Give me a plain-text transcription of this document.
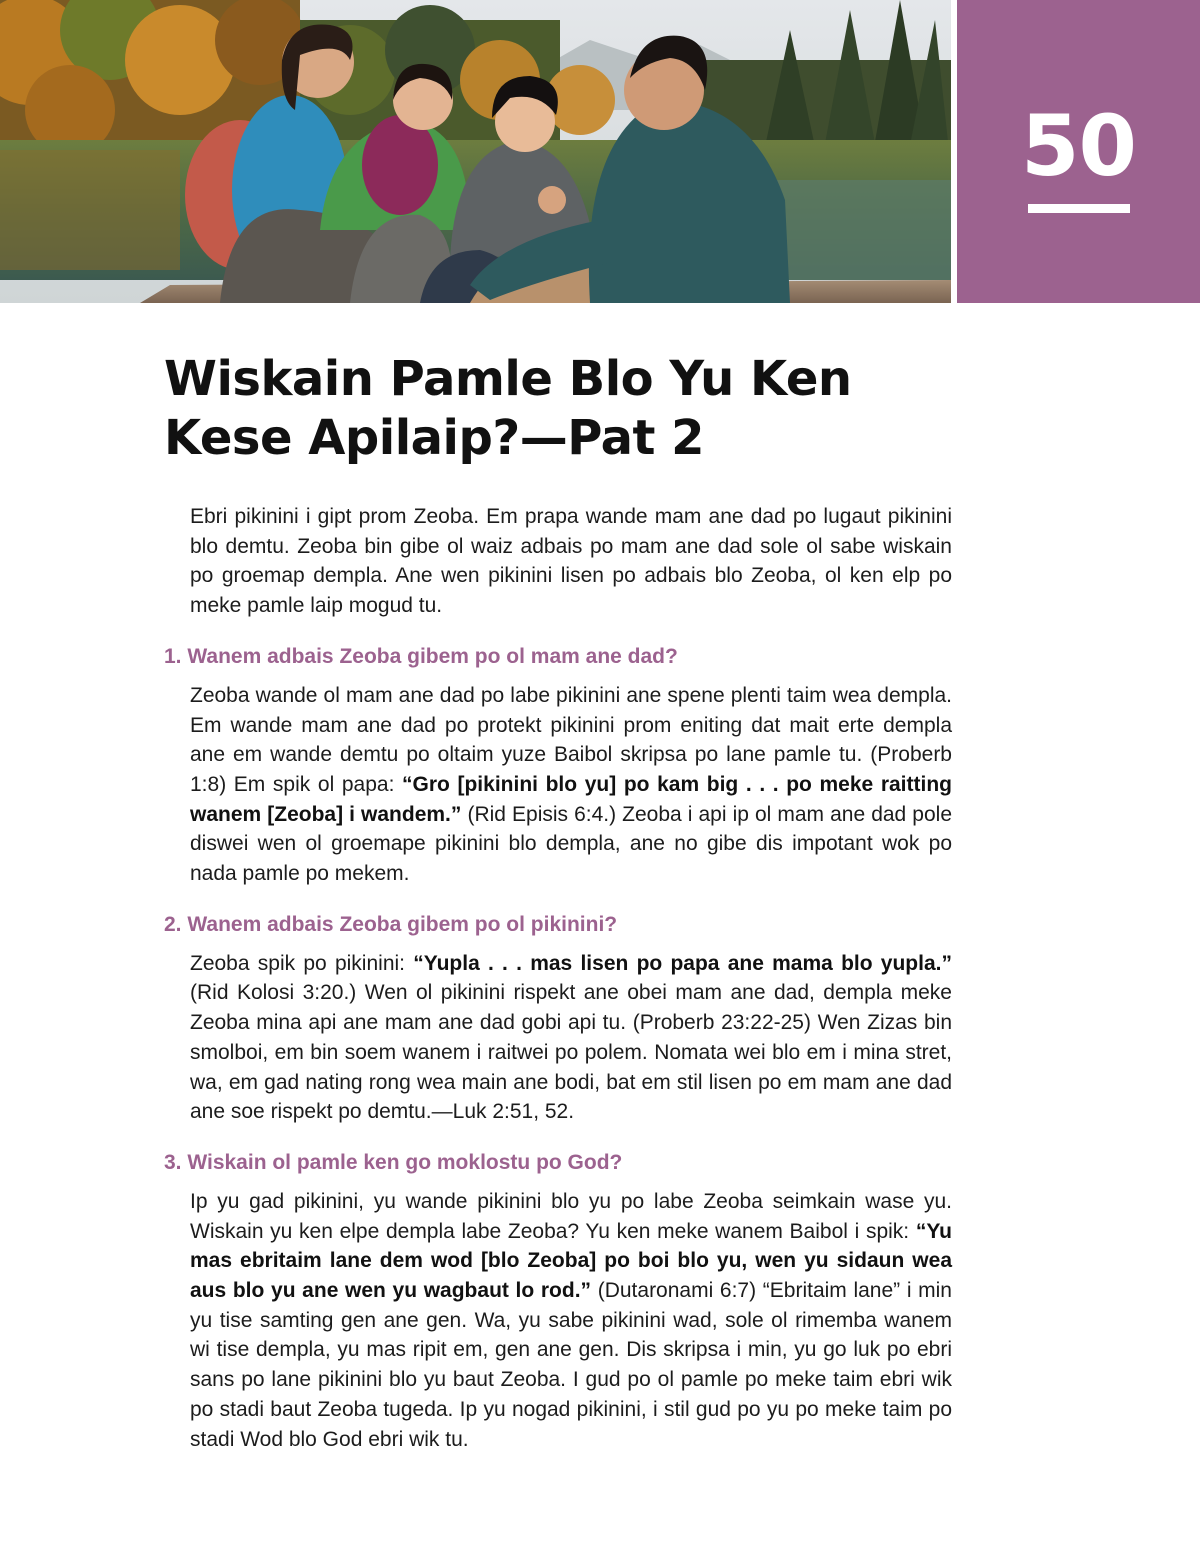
50
Wiskain Pamle Blo Yu Ken
Kese Apilaip?—Pat 2

Ebri pikinini i gipt prom Zeoba. Em prapa wande mam ane dad po lugaut pikinini blo demtu. Zeoba bin gibe ol waiz adbais po mam ane dad sole ol sabe wiskain po groemap dempla. Ane wen pikinini lisen po adbais blo Zeoba, ol ken elp po meke pamle laip mogud tu.

1. Wanem adbais Zeoba gibem po ol mam ane dad?

Zeoba wande ol mam ane dad po labe pikinini ane spene plenti taim wea dempla. Em wande mam ane dad po protekt pikinini prom eniting dat mait erte dempla ane em wande demtu po oltaim yuze Baibol skripsa po lane pamle tu. (Proberb 1:8) Em spik ol papa: “Gro [pikinini blo yu] po kam big . . . po meke raitting wanem [Zeoba] i wandem.” (Rid Episis 6:4.) Zeoba i api ip ol mam ane dad pole diswei wen ol groemape pikinini blo dempla, ane no gibe dis impotant wok po nada pamle po mekem.

2. Wanem adbais Zeoba gibem po ol pikinini?

Zeoba spik po pikinini: “Yupla . . . mas lisen po papa ane mama blo yupla.” (Rid Kolosi 3:20.) Wen ol pikinini rispekt ane obei mam ane dad, dempla meke Zeoba mina api ane mam ane dad gobi api tu. (Proberb 23:22-25) Wen Zizas bin smolboi, em bin soem wanem i raitwei po polem. Nomata wei blo em i mina stret, wa, em gad nating rong wea main ane bodi, bat em stil lisen po em mam ane dad ane soe rispekt po demtu.—Luk 2:51, 52.

3. Wiskain ol pamle ken go moklostu po God?

Ip yu gad pikinini, yu wande pikinini blo yu po labe Zeoba seimkain wase yu. Wiskain yu ken elpe dempla labe Zeoba? Yu ken meke wanem Baibol i spik: “Yu mas ebritaim lane dem wod [blo Zeoba] po boi blo yu, wen yu sidaun wea aus blo yu ane wen yu wagbaut lo rod.” (Dutaronami 6:7) “Ebritaim lane” i min yu tise samting gen ane gen. Wa, yu sabe pikinini wad, sole ol rimemba wanem wi tise dempla, yu mas ripit em, gen ane gen. Dis skripsa i min, yu go luk po ebri sans po lane pikinini blo yu baut Zeoba. I gud po ol pamle po meke taim ebri wik po stadi baut Zeoba tugeda. Ip yu nogad pikinini, i stil gud po yu po meke taim po stadi Wod blo God ebri wik tu.
